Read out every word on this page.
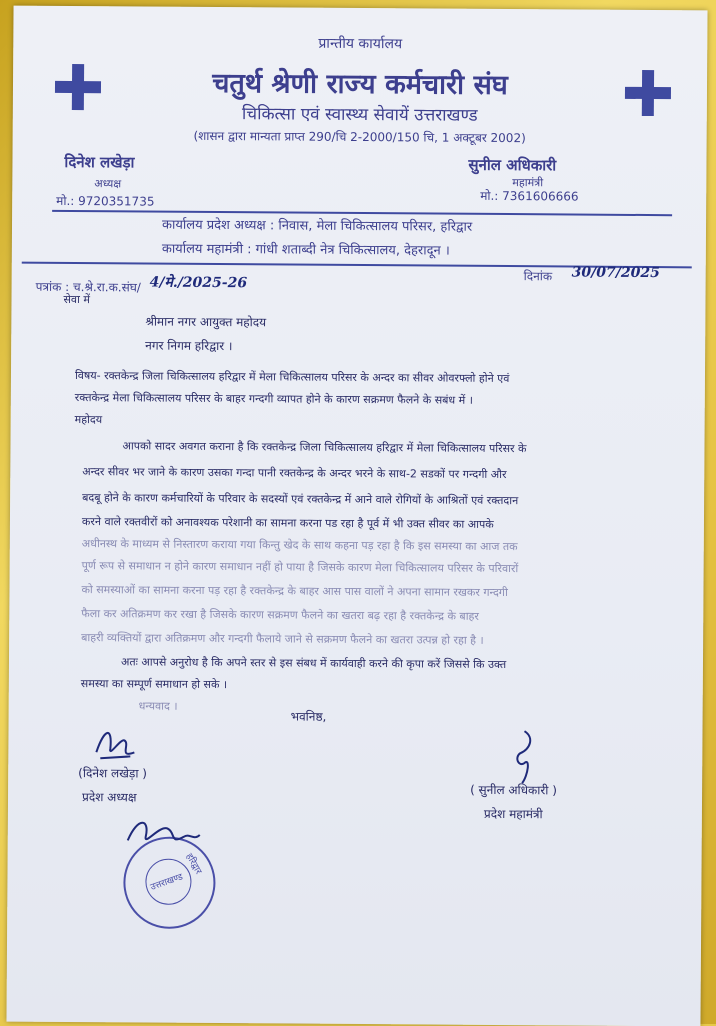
प्रान्तीय कार्यालय
चतुर्थ श्रेणी राज्य कर्मचारी संघ
चिकित्सा एवं स्वास्थ्य सेवायें उत्तराखण्ड
(शासन द्वारा मान्यता प्राप्त 290/चि 2-2000/150 चि, 1 अक्टूबर 2002)
दिनेश लखेड़ा
अध्यक्ष
मो.: 9720351735
सुनील अधिकारी
महामंत्री
मो.: 7361606666
कार्यालय प्रदेश अध्यक्ष : निवास, मेला चिकित्सालय परिसर, हरिद्वार
कार्यालय महामंत्री : गांधी शताब्दी नेत्र चिकित्सालय, देहरादून ।
पत्रांक : च.श्रे.रा.क.संघ/ 4/मे./2025-26	दिनांक 30/07/2025
सेवा में
श्रीमान नगर आयुक्त महोदय
नगर निगम हरिद्वार ।
विषय- रक्तकेन्द्र जिला चिकित्सालय हरिद्वार में मेला चिकित्सालय परिसर के अन्दर का सीवर ओवरफ्लो होने एवं
रक्तकेन्द्र मेला चिकित्सालय परिसर के बाहर गन्दगी व्यापत होने के कारण सक्रमण फैलने के सबंध में ।
महोदय
आपको सादर अवगत कराना है कि रक्तकेन्द्र जिला चिकित्सालय हरिद्वार में मेला चिकित्सालय परिसर के
अन्दर सीवर भर जाने के कारण उसका गन्दा पानी रक्तकेन्द्र के अन्दर भरने के साथ-2 सडकों पर गन्दगी और
बदबू होने के कारण कर्मचारियों के परिवार के सदस्यों एवं रक्तकेन्द्र में आने वाले रोगियों के आश्रितों एवं रक्तदान
करने वाले रक्तवीरों को अनावश्यक परेशानी का सामना करना पड रहा है पूर्व में भी उक्त सीवर का आपके
अधीनस्थ के माध्यम से निस्तारण कराया गया किन्तु खेद के साथ कहना पड़ रहा है कि इस समस्या का आज तक
पूर्ण रूप से समाधान न होने कारण समाधान नहीं हो पाया है जिसके कारण मेला चिकित्सालय परिसर के परिवारों
को समस्याओं का सामना करना पड़ रहा है रक्तकेन्द्र के बाहर आस पास वालों ने अपना सामान रखकर गन्दगी
फैला कर अतिक्रमण कर रखा है जिसके कारण सक्रमण फैलने का खतरा बढ़ रहा है रक्तकेन्द्र के बाहर
बाहरी व्यक्तियों द्वारा अतिक्रमण और गन्दगी फैलाये जाने से सक्रमण फैलने का खतरा उत्पन्न हो रहा है ।
अतः आपसे अनुरोध है कि अपने स्तर से इस संबध में कार्यवाही करने की कृपा करें जिससे कि उक्त
समस्या का सम्पूर्ण समाधान हो सके ।
धन्यवाद ।
भवनिष्ठ,
(दिनेश लखेड़ा )
प्रदेश अध्यक्ष	( सुनील अधिकारी )
प्रदेश महामंत्री
उत्तराखण्ड
हरिद्वार
